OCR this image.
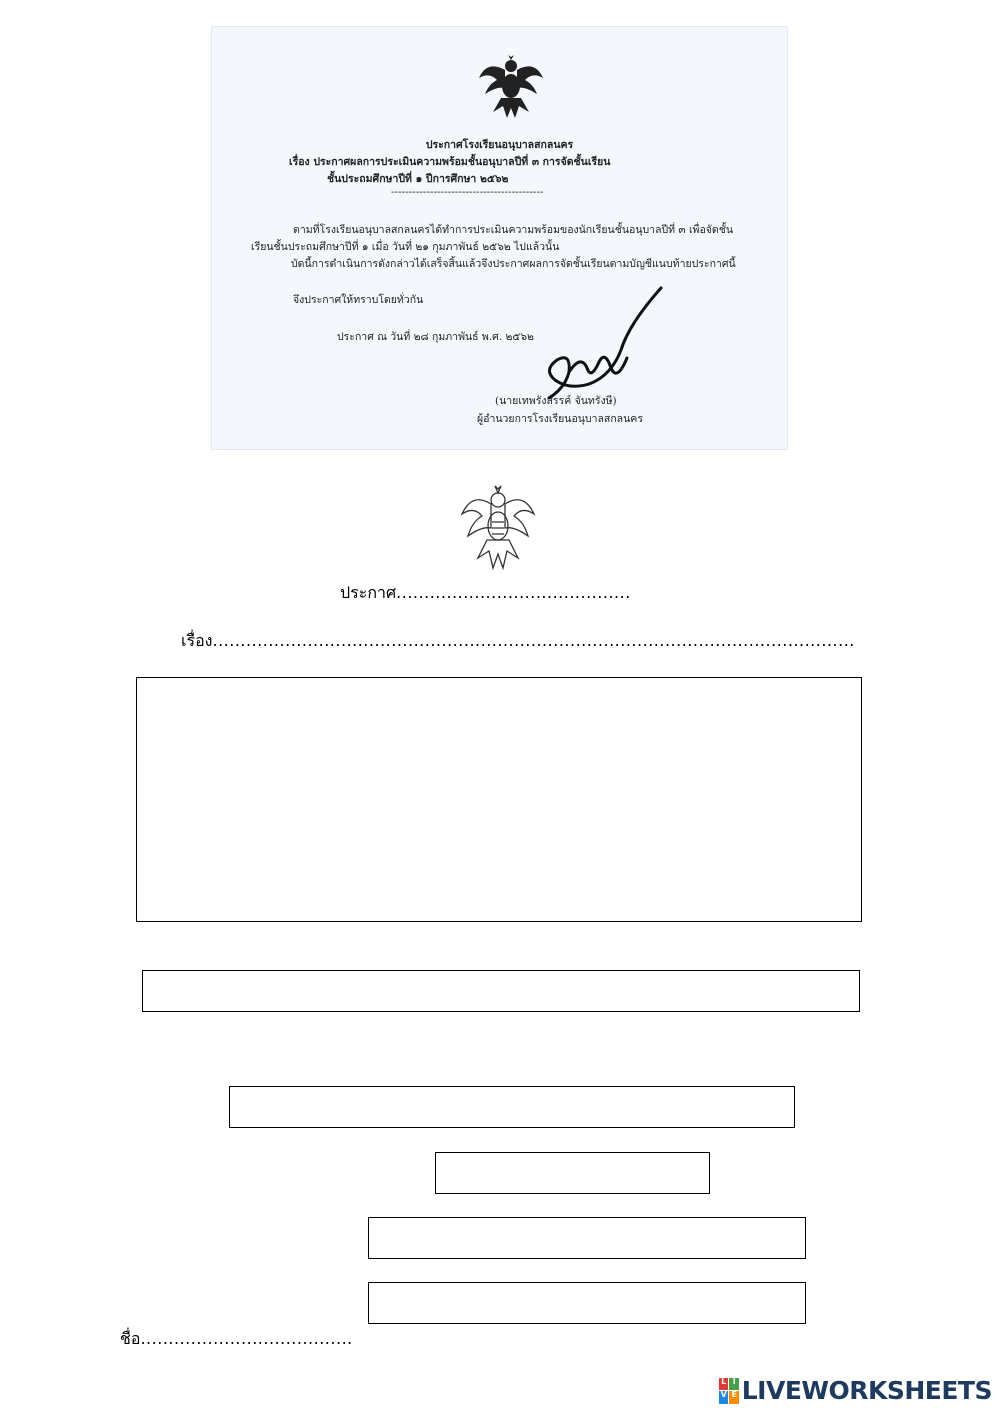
ประกาศโรงเรียนอนุบาลสกลนคร
เรื่อง ประกาศผลการประเมินความพร้อมชั้นอนุบาลปีที่ ๓ การจัดชั้นเรียน
ชั้นประถมศึกษาปีที่ ๑ ปีการศึกษา ๒๕๖๒
-------------------------------------------
ตามที่โรงเรียนอนุบาลสกลนครได้ทำการประเมินความพร้อมของนักเรียนชั้นอนุบาลปีที่ ๓ เพื่อจัดชั้น
เรียนชั้นประถมศึกษาปีที่ ๑ เมื่อ วันที่ ๒๑ กุมภาพันธ์ ๒๕๖๒ ไปแล้วนั้น
บัดนี้การดำเนินการดังกล่าวได้เสร็จสิ้นแล้วจึงประกาศผลการจัดชั้นเรียนตามบัญชีแนบท้ายประกาศนี้
จึงประกาศให้ทราบโดยทั่วกัน
ประกาศ ณ วันที่ ๒๘ กุมภาพันธ์ พ.ศ. ๒๕๖๒
(นายเทพรังสรรค์ จันทรังษี)
ผู้อำนวยการโรงเรียนอนุบาลสกลนคร
ประกาศ..........................................
เรื่อง...................................................................................................................
ชื่อ......................................
L I
V E LIVEWORKSHEETS
